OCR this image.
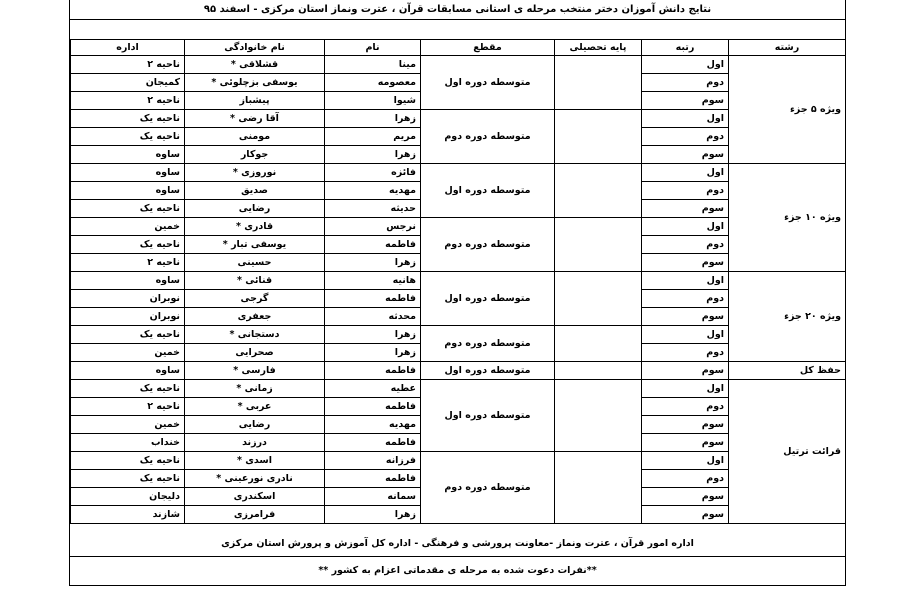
نتایج دانش آموزان دختر منتخب مرحله ی استانی مسابقات قرآن ، عترت ونماز استان مرکزی - اسفند ۹۵
رشته	رتبه	پایه تحصیلی	مقطع	نام	نام خانوادگی	اداره
ویژه ۵ جزء	اول		متوسطه دوره اول	مینا	قشلاقی *	ناحیه ۲
	دوم			معصومه	یوسفی بزچلوئی *	کمیجان
	سوم			شیوا	پیشباز	ناحیه ۲
	اول		متوسطه دوره دوم	زهرا	آقا رضی *	ناحیه یک
	دوم			مریم	مومنی	ناحیه یک
	سوم			زهرا	جوکار	ساوه
ویژه ۱۰ جزء	اول		متوسطه دوره اول	فائزه	نوروزی *	ساوه
	دوم			مهدیه	صدیق	ساوه
	سوم			حدیثه	رضایی	ناحیه یک
	اول		متوسطه دوره دوم	نرجس	قادری *	خمین
	دوم			فاطمه	یوسفی تبار *	ناحیه یک
	سوم			زهرا	حسینی	ناحیه ۲
ویژه ۲۰ جزء	اول		متوسطه دوره اول	هانیه	قنائی *	ساوه
	دوم			فاطمه	گرجی	نوبران
	سوم			محدثه	جعفری	نوبران
	اول		متوسطه دوره دوم	زهرا	دستجانی *	ناحیه یک
	دوم			زهرا	صحرایی	خمین
حفظ کل	سوم		متوسطه دوره اول	فاطمه	فارسی *	ساوه
قرائت ترتیل	اول		متوسطه دوره اول	عطیه	زمانی *	ناحیه یک
	دوم			فاطمه	عربی *	ناحیه ۲
	سوم			مهدیه	رضایی	خمین
	سوم			فاطمه	درزند	خنداب
	اول		متوسطه دوره دوم	فرزانه	اسدی *	ناحیه یک
	دوم			فاطمه	نادری نورعینی *	ناحیه یک
	سوم			سمانه	اسکندری	دلیجان
	سوم			زهرا	فرامرزی	شازند
اداره امور قرآن ، عترت ونماز -معاونت پرورشی و فرهنگی - اداره کل آموزش و پرورش استان مرکزی
**نفرات دعوت شده به مرحله ی مقدماتی اعزام به کشور **
